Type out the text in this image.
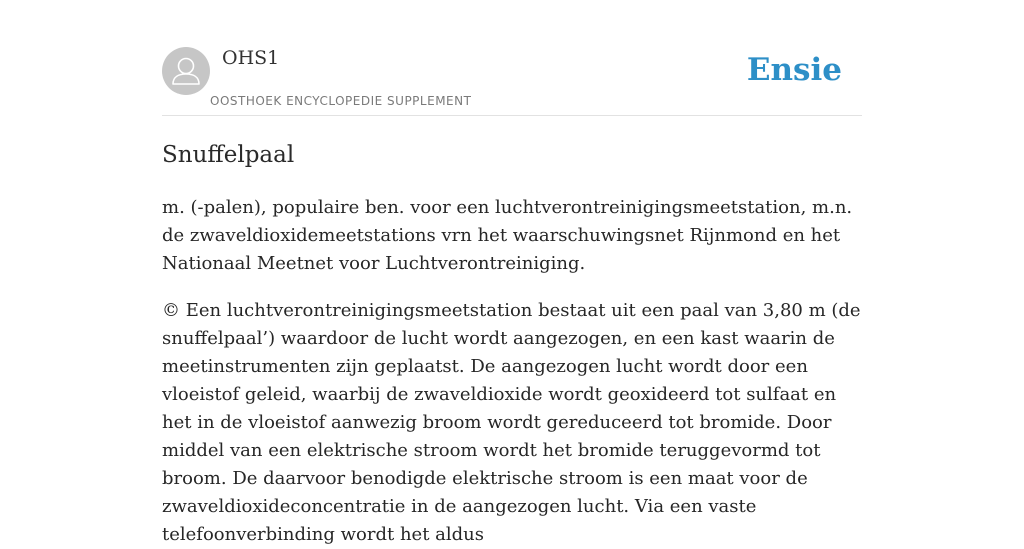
OHS1
OOSTHOEK ENCYCLOPEDIE SUPPLEMENT
Ensie
Snuffelpaal

m. (-palen), populaire ben. voor een luchtverontreinigingsmeetstation, m.n. de zwaveldioxidemeetstations vrn het waarschuwingsnet Rijnmond en het Nationaal Meetnet voor Luchtverontreiniging.

© Een luchtverontreinigingsmeetstation bestaat uit een paal van 3,80 m (de snuffelpaal’) waardoor de lucht wordt aangezogen, en een kast waarin de meetinstrumenten zijn geplaatst. De aangezogen lucht wordt door een vloeistof geleid, waarbij de zwaveldioxide wordt geoxideerd tot sulfaat en het in de vloeistof aanwezig broom wordt gereduceerd tot bromide. Door middel van een elektrische stroom wordt het bromide teruggevormd tot broom. De daarvoor benodigde elektrische stroom is een maat voor de zwaveldioxideconcentratie in de aangezogen lucht. Via een vaste telefoonverbinding wordt het aldus
